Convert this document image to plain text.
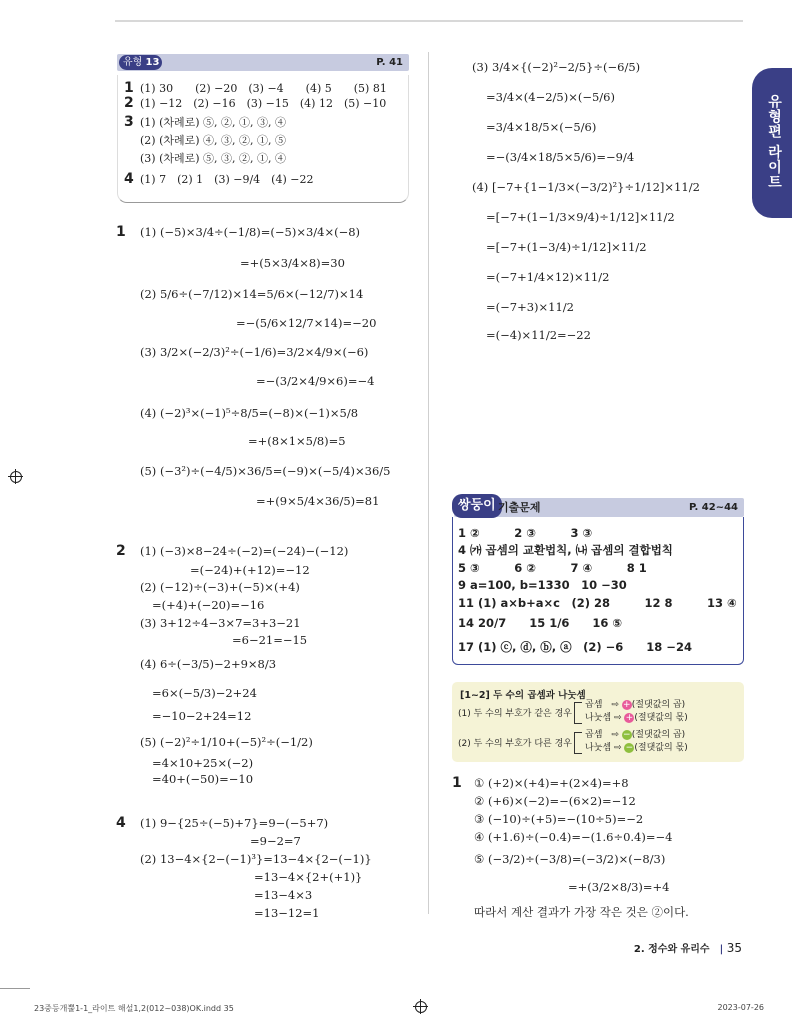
유형편 라이트
유형 13	P. 41
1 (1) 30　　(2) −20　(3) −4　　(4) 5　　(5) 81
2 (1) −12　(2) −16　(3) −15　(4) 12　(5) −10
3 (1) (차례로) ⑤, ②, ①, ③, ④
(2) (차례로) ④, ③, ②, ①, ⑤
(3) (차례로) ⑤, ③, ②, ①, ④
4 (1) 7　(2) 1　(3) −9/4　(4) −22
1 (1) (−5)×3/4÷(−1/8)=(−5)×3/4×(−8)
=+(5×3/4×8)=30
(2) 5/6÷(−7/12)×14=5/6×(−12/7)×14
=−(5/6×12/7×14)=−20
(3) 3/2×(−2/3)²÷(−1/6)=3/2×4/9×(−6)
=−(3/2×4/9×6)=−4
(4) (−2)³×(−1)⁵÷8/5=(−8)×(−1)×5/8
=+(8×1×5/8)=5
(5) (−3²)÷(−4/5)×36/5=(−9)×(−5/4)×36/5
=+(9×5/4×36/5)=81
2 (1) (−3)×8−24÷(−2)=(−24)−(−12)
=(−24)+(+12)=−12
(2) (−12)÷(−3)+(−5)×(+4)
=(+4)+(−20)=−16
(3) 3+12÷4−3×7=3+3−21
=6−21=−15
(4) 6÷(−3/5)−2+9×8/3
=6×(−5/3)−2+24
=−10−2+24=12
(5) (−2)²÷1/10+(−5)²÷(−1/2)
=4×10+25×(−2)
=40+(−50)=−10
4 (1) 9−{25÷(−5)+7}=9−(−5+7)
=9−2=7
(2) 13−4×{2−(−1)³}=13−4×{2−(−1)}
=13−4×{2+(+1)}
=13−4×3
=13−12=1
(3) 3/4×{(−2)²−2/5}÷(−6/5)
=3/4×(4−2/5)×(−5/6)
=3/4×18/5×(−5/6)
=−(3/4×18/5×5/6)=−9/4
(4) [−7+{1−1/3×(−3/2)²}÷1/12]×11/2
=[−7+(1−1/3×9/4)÷1/12]×11/2
=[−7+(1−3/4)÷1/12]×11/2
=(−7+1/4×12)×11/2
=(−7+3)×11/2
=(−4)×11/2=−22
쌍둥이 기출문제	P. 42~44
1 ②　　　2 ③　　　3 ③
4 ㈎ 곱셈의 교환법칙, ㈏ 곱셈의 결합법칙
5 ③　　　6 ②　　　7 ④　　　8 1
9 a=100, b=1330　10 −30
11 (1) a×b+a×c　(2) 28　　　12 8　　　13 ④
14 20/7　　15 1/6　　16 ⑤
17 (1) ⓒ, ⓓ, ⓑ, ⓐ　(2) −6　　18 −24
[1~2] 두 수의 곱셈과 나눗셈
(1) 두 수의 부호가 같은 경우
(2) 두 수의 부호가 다른 경우
곱셈　⇨ +(절댓값의 곱)
나눗셈 ⇨ +(절댓값의 몫)
곱셈　⇨ −(절댓값의 곱)
나눗셈 ⇨ −(절댓값의 몫)
1 ① (+2)×(+4)=+(2×4)=+8
② (+6)×(−2)=−(6×2)=−12
③ (−10)÷(+5)=−(10÷5)=−2
④ (+1.6)÷(−0.4)=−(1.6÷0.4)=−4
⑤ (−3/2)÷(−3/8)=(−3/2)×(−8/3)
=+(3/2×8/3)=+4
따라서 계산 결과가 가장 작은 것은 ②이다.
2. 정수와 유리수　 | 35
23중등개뿔1-1_라이트 해설1,2(012~038)OK.indd 35	2023-07-26
